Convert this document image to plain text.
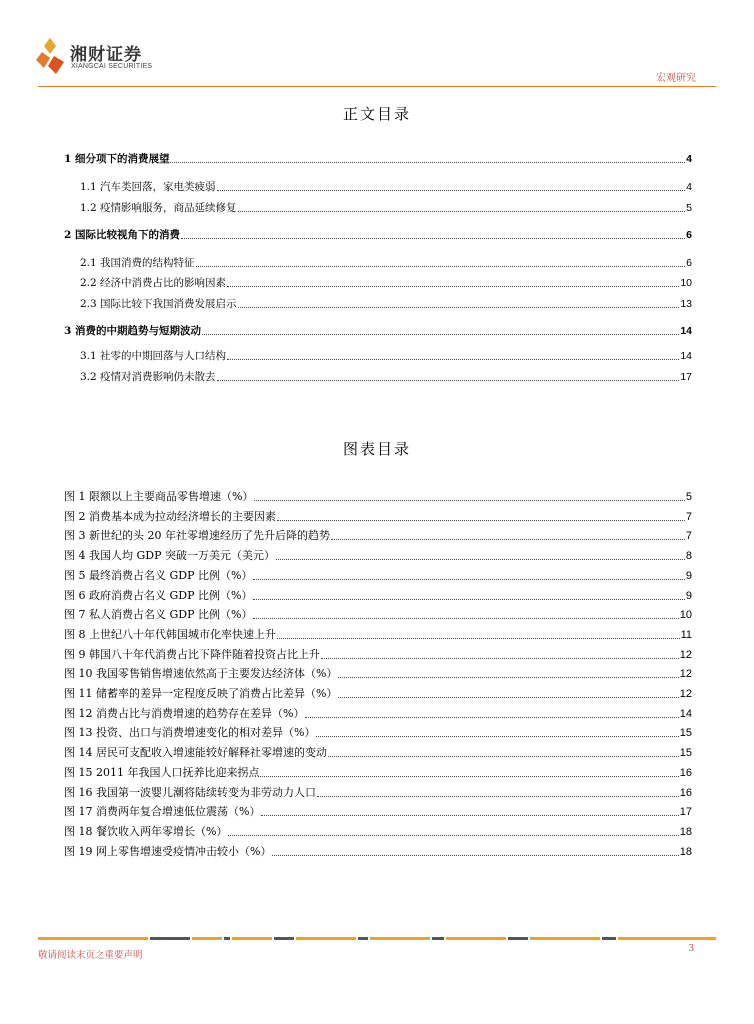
湘财证券
XIANGCAI SECURITIES
宏观研究
正文目录
1 细分项下的消费展望	4
1.1 汽车类回落，家电类疲弱	4
1.2 疫情影响服务，商品延续修复	5
2 国际比较视角下的消费	6
2.1 我国消费的结构特征	6
2.2 经济中消费占比的影响因素	10
2.3 国际比较下我国消费发展启示	13
3 消费的中期趋势与短期波动	14
3.1 社零的中期回落与人口结构	14
3.2 疫情对消费影响仍未散去	17
图表目录
图 1 限额以上主要商品零售增速（%）	5
图 2 消费基本成为拉动经济增长的主要因素	7
图 3 新世纪的头 20 年社零增速经历了先升后降的趋势	7
图 4 我国人均 GDP 突破一万美元（美元）	8
图 5 最终消费占名义 GDP 比例（%）	9
图 6 政府消费占名义 GDP 比例（%）	9
图 7 私人消费占名义 GDP 比例（%）	10
图 8 上世纪八十年代韩国城市化率快速上升	11
图 9 韩国八十年代消费占比下降伴随着投资占比上升	12
图 10 我国零售销售增速依然高于主要发达经济体（%）	12
图 11 储蓄率的差异一定程度反映了消费占比差异（%）	12
图 12 消费占比与消费增速的趋势存在差异（%）	14
图 13 投资、出口与消费增速变化的相对差异（%）	15
图 14 居民可支配收入增速能较好解释社零增速的变动	15
图 15 2011 年我国人口抚养比迎来拐点	16
图 16 我国第一波婴儿潮将陆续转变为非劳动力人口	16
图 17 消费两年复合增速低位震荡（%）	17
图 18 餐饮收入两年零增长（%）	18
图 19 网上零售增速受疫情冲击较小（%）	18
敬请阅读末页之重要声明
3
